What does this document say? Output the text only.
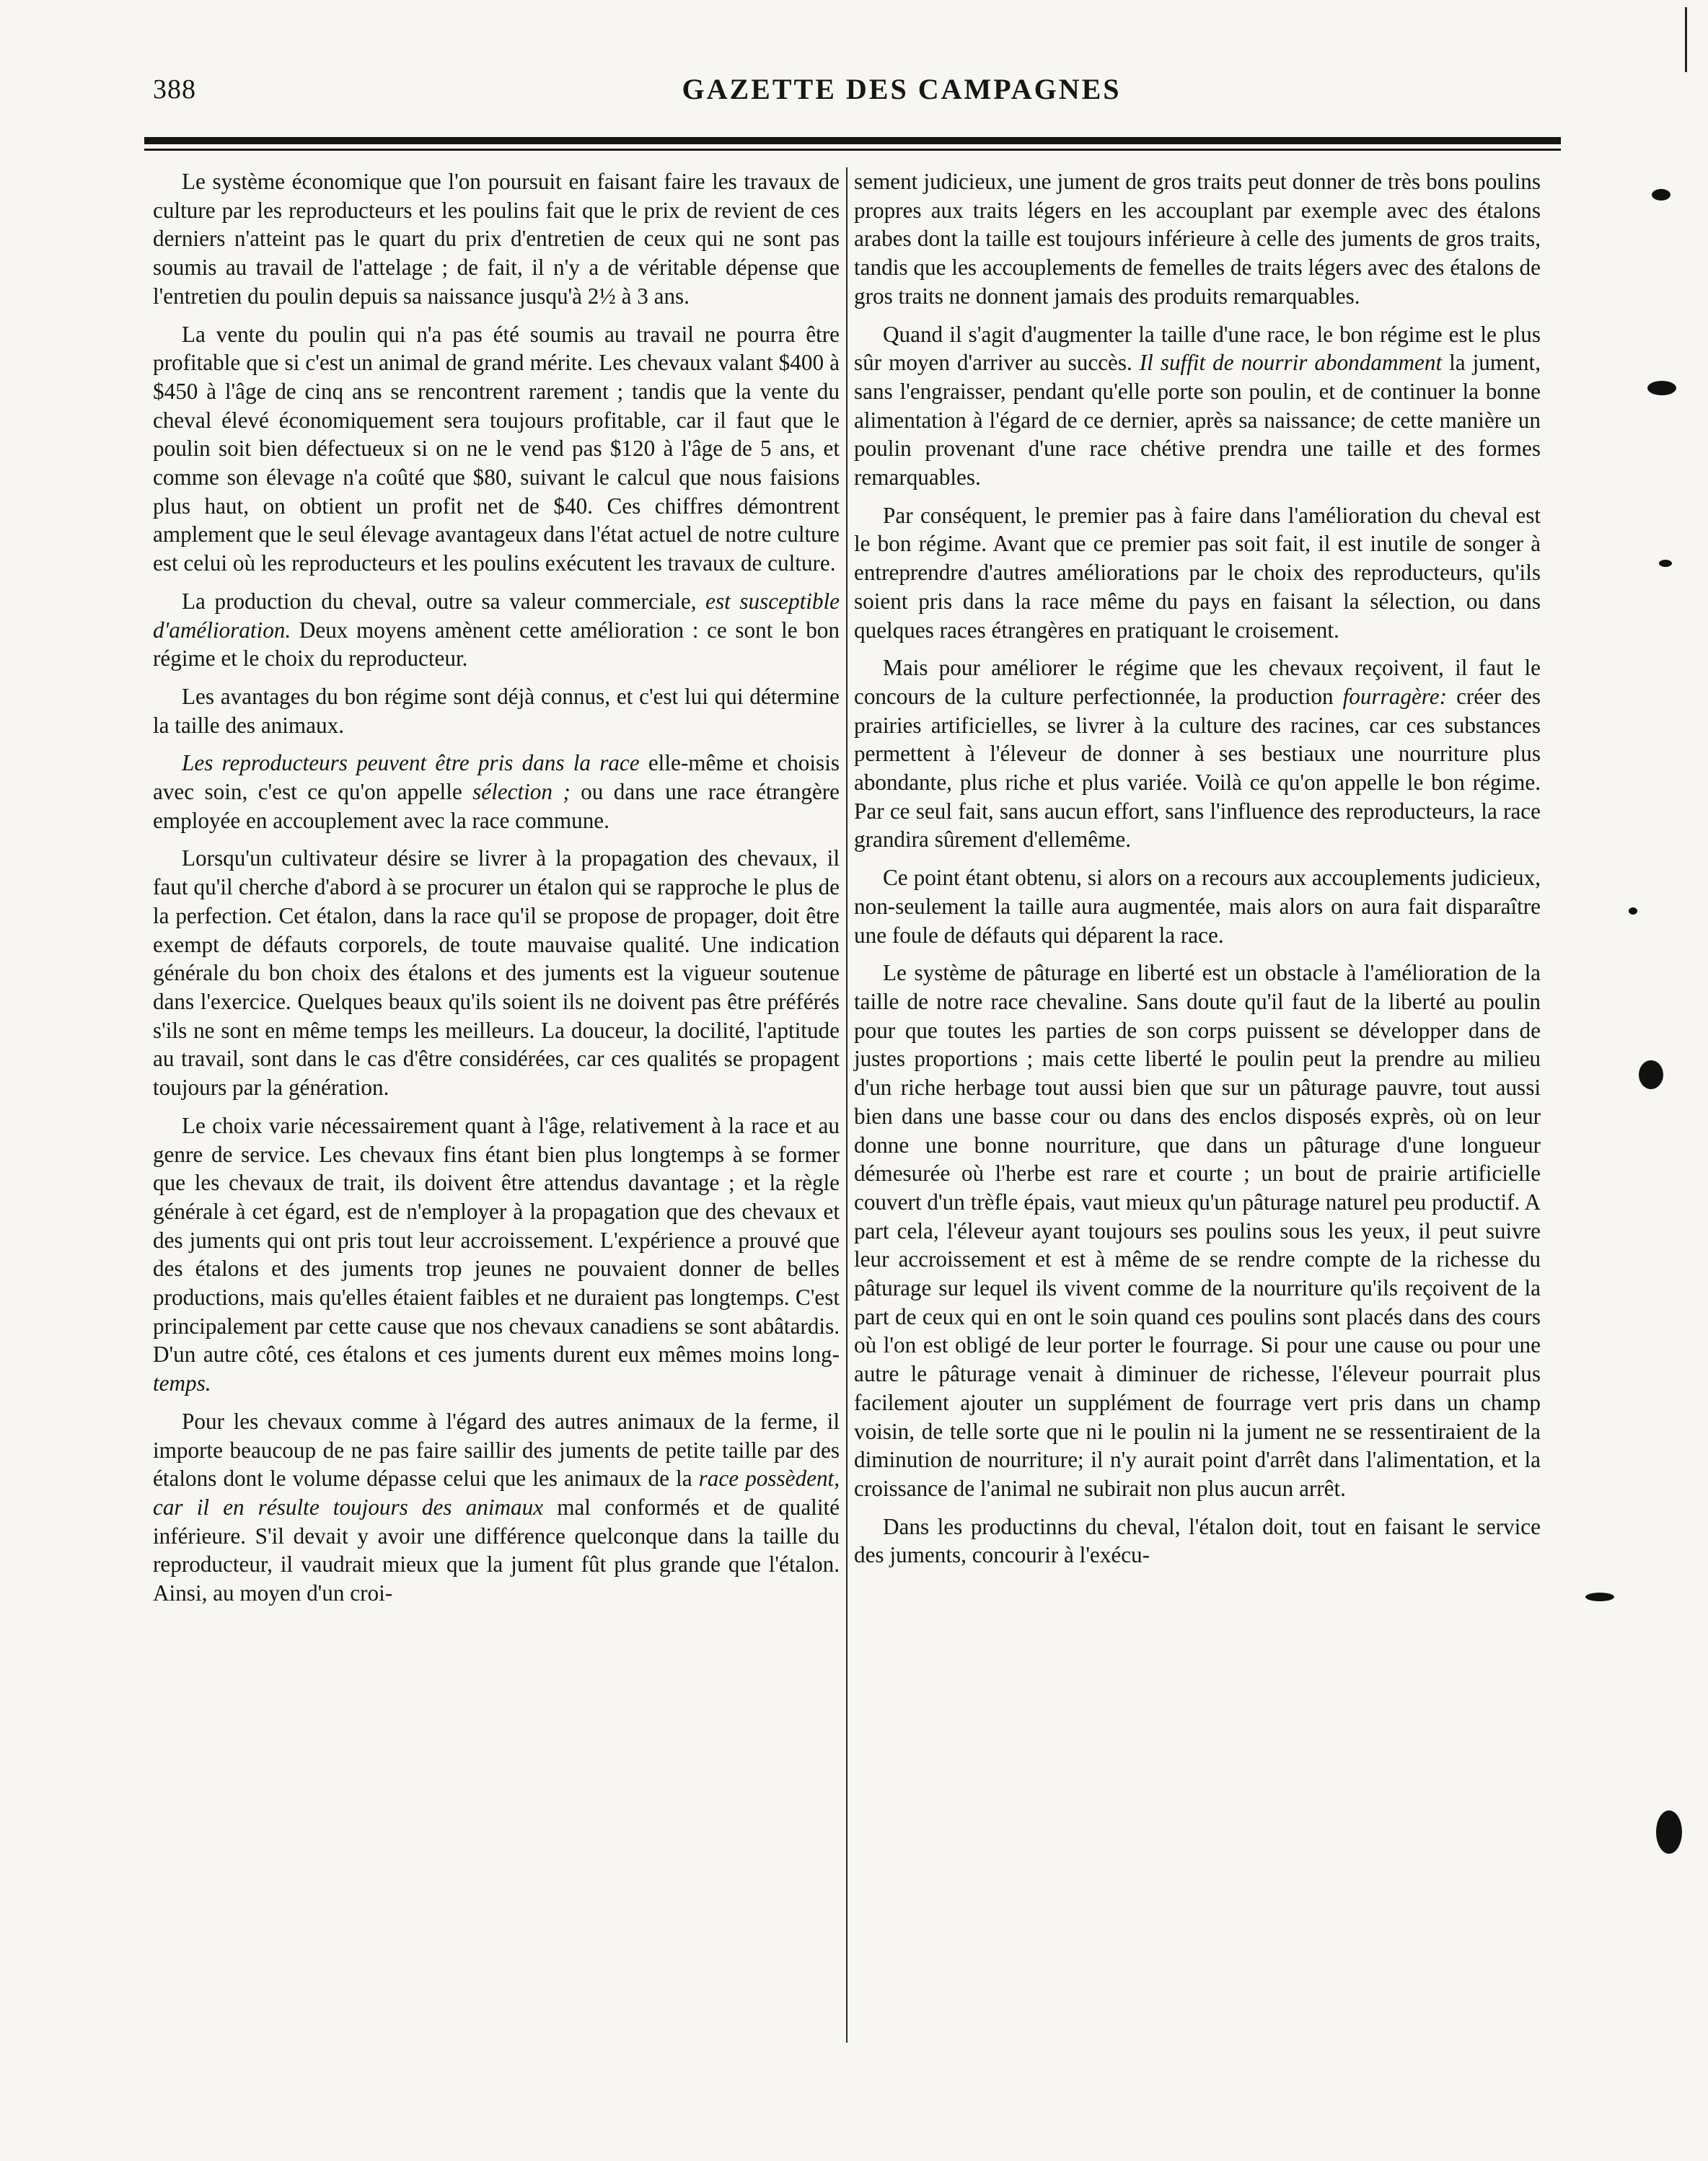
388	GAZETTE DES CAMPAGNES

Le système économique que l'on poursuit en faisant faire les travaux de culture par les reproducteurs et les poulins fait que le prix de revient de ces derniers n'atteint pas le quart du prix d'entretien de ceux qui ne sont pas soumis au travail de l'attelage ; de fait, il n'y a de véritable dépense que l'entretien du poulin depuis sa naissance jusqu'à 2½ à 3 ans.

La vente du poulin qui n'a pas été soumis au travail ne pourra être profitable que si c'est un animal de grand mérite. Les chevaux valant $400 à $450 à l'âge de cinq ans se rencontrent rarement ; tandis que la vente du cheval élevé économiquement sera toujours profitable, car il faut que le poulin soit bien défectueux si on ne le vend pas $120 à l'âge de 5 ans, et comme son élevage n'a coûté que $80, suivant le calcul que nous faisions plus haut, on obtient un profit net de $40. Ces chiffres démontrent amplement que le seul élevage avantageux dans l'état actuel de notre culture est celui où les reproducteurs et les poulins exécutent les travaux de culture.

La production du cheval, outre sa valeur commerciale, est susceptible d'amélioration. Deux moyens amènent cette amélioration : ce sont le bon régime et le choix du reproducteur.

Les avantages du bon régime sont déjà connus, et c'est lui qui détermine la taille des animaux.

Les reproducteurs peuvent être pris dans la race elle-même et choisis avec soin, c'est ce qu'on appelle sélection ; ou dans une race étrangère employée en accouplement avec la race commune.

Lorsqu'un cultivateur désire se livrer à la propagation des chevaux, il faut qu'il cherche d'abord à se procurer un étalon qui se rapproche le plus de la perfection. Cet étalon, dans la race qu'il se propose de propager, doit être exempt de défauts corporels, de toute mauvaise qualité. Une indication générale du bon choix des étalons et des juments est la vigueur soutenue dans l'exercice. Quelques beaux qu'ils soient ils ne doivent pas être préférés s'ils ne sont en même temps les meilleurs. La douceur, la docilité, l'aptitude au travail, sont dans le cas d'être considérées, car ces qualités se propagent toujours par la génération.

Le choix varie nécessairement quant à l'âge, relativement à la race et au genre de service. Les chevaux fins étant bien plus longtemps à se former que les chevaux de trait, ils doivent être attendus davantage ; et la règle générale à cet égard, est de n'employer à la propagation que des chevaux et des juments qui ont pris tout leur accroissement. L'expérience a prouvé que des étalons et des juments trop jeunes ne pouvaient donner de belles productions, mais qu'elles étaient faibles et ne duraient pas longtemps. C'est principalement par cette cause que nos chevaux canadiens se sont abâtardis. D'un autre côté, ces étalons et ces juments durent eux mêmes moins long-temps.

Pour les chevaux comme à l'égard des autres animaux de la ferme, il importe beaucoup de ne pas faire saillir des juments de petite taille par des étalons dont le volume dépasse celui que les animaux de la race possèdent, car il en résulte toujours des animaux mal conformés et de qualité inférieure. S'il devait y avoir une différence quelconque dans la taille du reproducteur, il vaudrait mieux que la jument fût plus grande que l'étalon. Ainsi, au moyen d'un croi-

sement judicieux, une jument de gros traits peut donner de très bons poulins propres aux traits légers en les accouplant par exemple avec des étalons arabes dont la taille est toujours inférieure à celle des juments de gros traits, tandis que les accouplements de femelles de traits légers avec des étalons de gros traits ne donnent jamais des produits remarquables.

Quand il s'agit d'augmenter la taille d'une race, le bon régime est le plus sûr moyen d'arriver au succès. Il suffit de nourrir abondamment la jument, sans l'engraisser, pendant qu'elle porte son poulin, et de continuer la bonne alimentation à l'égard de ce dernier, après sa naissance; de cette manière un poulin provenant d'une race chétive prendra une taille et des formes remarquables.

Par conséquent, le premier pas à faire dans l'amélioration du cheval est le bon régime. Avant que ce premier pas soit fait, il est inutile de songer à entreprendre d'autres améliorations par le choix des reproducteurs, qu'ils soient pris dans la race même du pays en faisant la sélection, ou dans quelques races étrangères en pratiquant le croisement.

Mais pour améliorer le régime que les chevaux reçoivent, il faut le concours de la culture perfectionnée, la production fourragère: créer des prairies artificielles, se livrer à la culture des racines, car ces substances permettent à l'éleveur de donner à ses bestiaux une nourriture plus abondante, plus riche et plus variée. Voilà ce qu'on appelle le bon régime. Par ce seul fait, sans aucun effort, sans l'influence des reproducteurs, la race grandira sûrement d'ellemême.

Ce point étant obtenu, si alors on a recours aux accouplements judicieux, non-seulement la taille aura augmentée, mais alors on aura fait disparaître une foule de défauts qui déparent la race.

Le système de pâturage en liberté est un obstacle à l'amélioration de la taille de notre race chevaline. Sans doute qu'il faut de la liberté au poulin pour que toutes les parties de son corps puissent se développer dans de justes proportions ; mais cette liberté le poulin peut la prendre au milieu d'un riche herbage tout aussi bien que sur un pâturage pauvre, tout aussi bien dans une basse cour ou dans des enclos disposés exprès, où on leur donne une bonne nourriture, que dans un pâturage d'une longueur démesurée où l'herbe est rare et courte ; un bout de prairie artificielle couvert d'un trèfle épais, vaut mieux qu'un pâturage naturel peu productif. A part cela, l'éleveur ayant toujours ses poulins sous les yeux, il peut suivre leur accroissement et est à même de se rendre compte de la richesse du pâturage sur lequel ils vivent comme de la nourriture qu'ils reçoivent de la part de ceux qui en ont le soin quand ces poulins sont placés dans des cours où l'on est obligé de leur porter le fourrage. Si pour une cause ou pour une autre le pâturage venait à diminuer de richesse, l'éleveur pourrait plus facilement ajouter un supplément de fourrage vert pris dans un champ voisin, de telle sorte que ni le poulin ni la jument ne se ressentiraient de la diminution de nourriture; il n'y aurait point d'arrêt dans l'alimentation, et la croissance de l'animal ne subirait non plus aucun arrêt.

Dans les productinns du cheval, l'étalon doit, tout en faisant le service des juments, concourir à l'exécu-
